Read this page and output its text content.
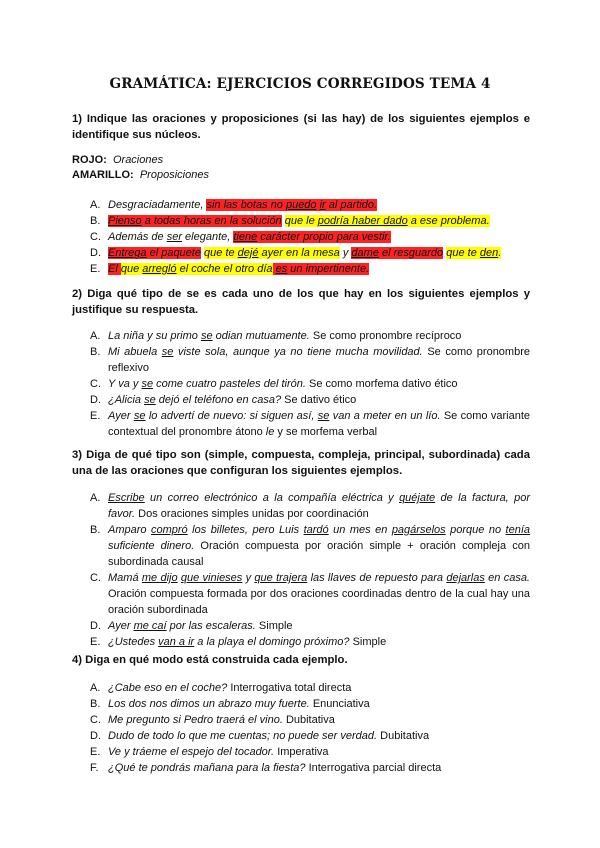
GRAMÁTICA: EJERCICIOS CORREGIDOS TEMA 4
1) Indique las oraciones y proposiciones (si las hay) de los siguientes ejemplos e identifique sus núcleos.
ROJO: Oraciones
AMARILLO: Proposiciones
A. Desgraciadamente, sin las botas no puedo ir al partido.
B. Pienso a todas horas en la solución que le podría haber dado a ese problema.
C. Además de ser elegante, tiene carácter propio para vestir.
D. Entrega el paquete que te dejé ayer en la mesa y dame el resguardo que te den.
E. El que arregló el coche el otro día es un impertinente.
2) Diga qué tipo de se es cada uno de los que hay en los siguientes ejemplos y justifique su respuesta.
A. La niña y su primo se odian mutuamente. Se como pronombre recíproco
B. Mi abuela se viste sola, aunque ya no tiene mucha movilidad. Se como pronombre reflexivo
C. Y va y se come cuatro pasteles del tirón. Se como morfema dativo ético
D. ¿Alicia se dejó el teléfono en casa? Se dativo ético
E. Ayer se lo advertí de nuevo: si siguen así, se van a meter en un lío. Se como variante contextual del pronombre átono le y se morfema verbal
3) Diga de qué tipo son (simple, compuesta, compleja, principal, subordinada) cada una de las oraciones que configuran los siguientes ejemplos.
A. Escribe un correo electrónico a la compañía eléctrica y quéjate de la factura, por favor. Dos oraciones simples unidas por coordinación
B. Amparo compró los billetes, pero Luis tardó un mes en pagárselos porque no tenía suficiente dinero. Oración compuesta por oración simple + oración compleja con subordinada causal
C. Mamá me dijo que vinieses y que trajera las llaves de repuesto para dejarlas en casa. Oración compuesta formada por dos oraciones coordinadas dentro de la cual hay una oración subordinada
D. Ayer me caí por las escaleras. Simple
E. ¿Ustedes van a ir a la playa el domingo próximo? Simple
4) Diga en qué modo está construida cada ejemplo.
A. ¿Cabe eso en el coche? Interrogativa total directa
B. Los dos nos dimos un abrazo muy fuerte. Enunciativa
C. Me pregunto si Pedro traerá el vino. Dubitativa
D. Dudo de todo lo que me cuentas; no puede ser verdad. Dubitativa
E. Ve y tráeme el espejo del tocador. Imperativa
F. ¿Qué te pondrás mañana para la fiesta? Interrogativa parcial directa
